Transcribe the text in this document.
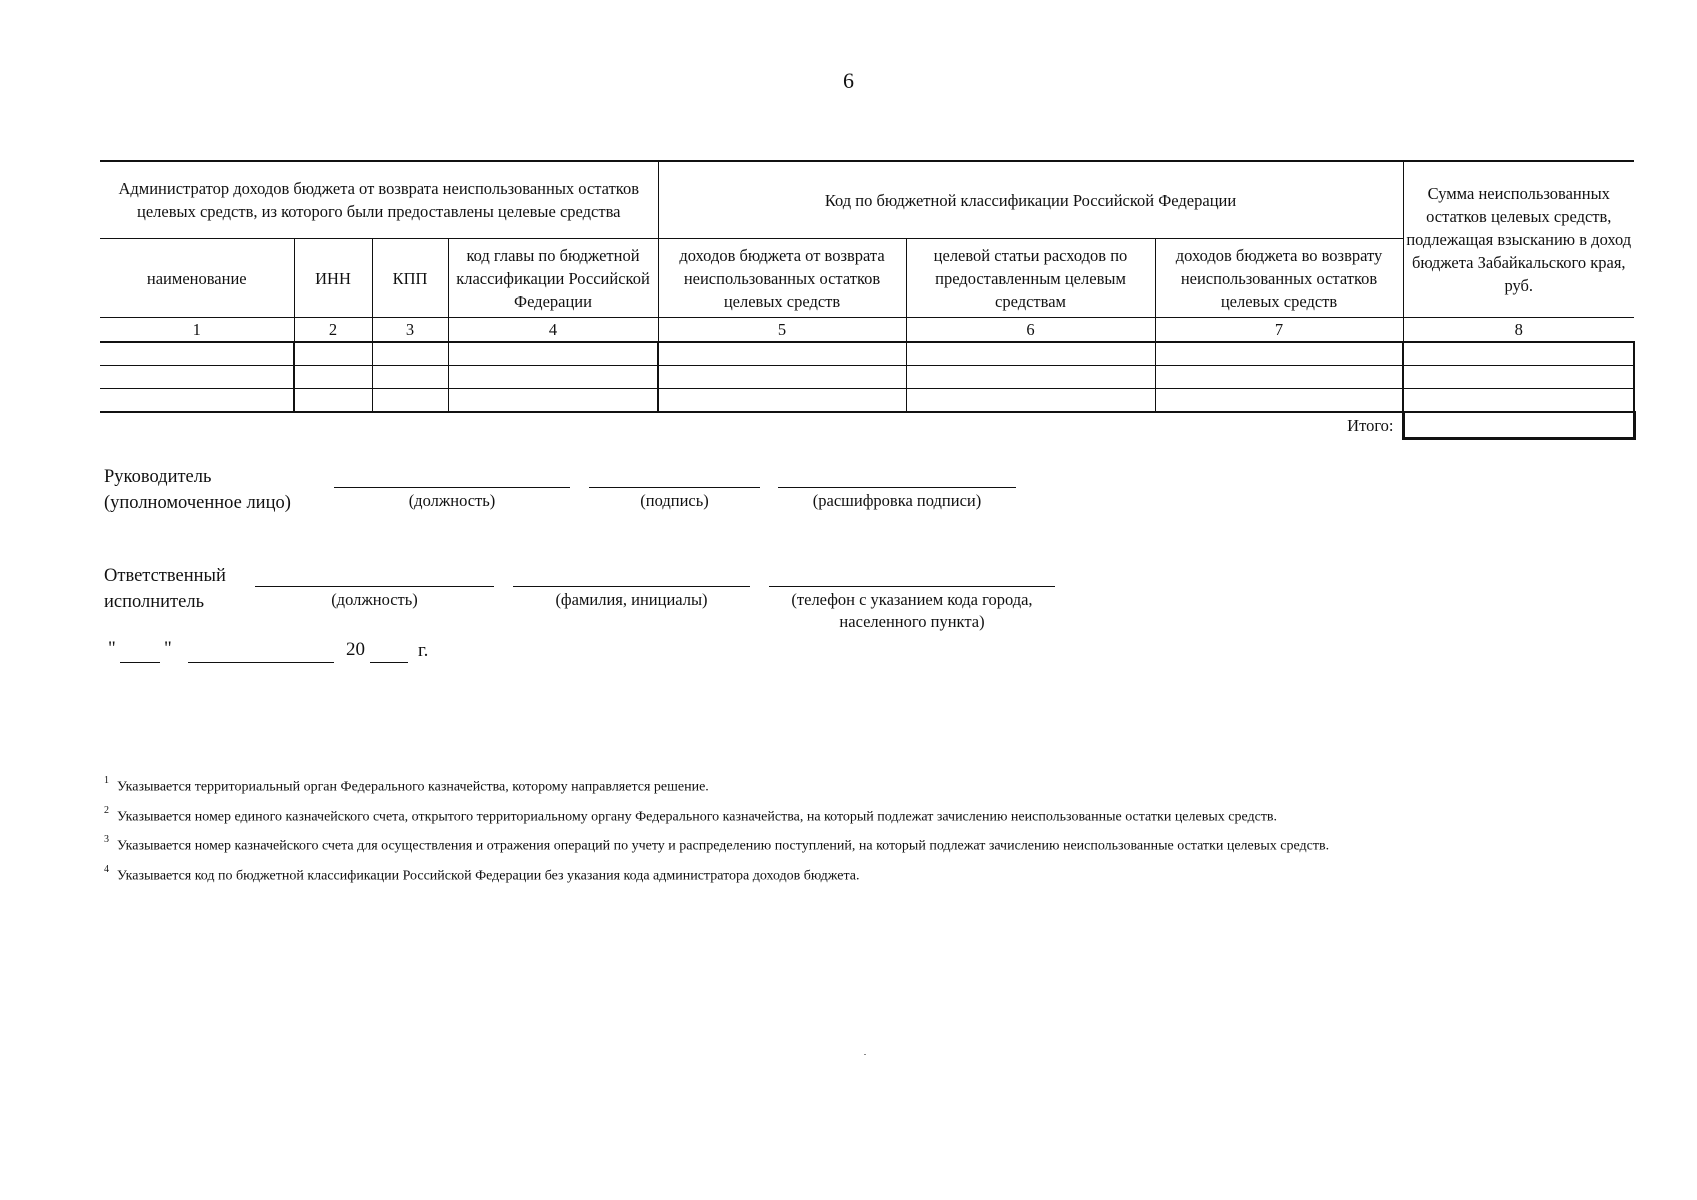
6
Администратор доходов бюджета от возврата неиспользованных остатков целевых средств, из которого были предоставлены целевые средства				Код по бюджетной классификации Российской Федерации			Сумма неиспользованных остатков целевых средств, подлежащая взысканию в доход бюджета Забайкальского края, руб.
наименование	ИНН	КПП	код главы по бюджетной классификации Российской Федерации	доходов бюджета от возврата неиспользованных остатков целевых средств	целевой статьи расходов по предоставленным целевым средствам	доходов бюджета во возврату неиспользованных остатков целевых средств	
1	2	3	4	5	6	7	8

Итого:							
Руководитель
(уполномоченное лицо)	(должность)	(подпись)	(расшифровка подписи)
Ответственный
исполнитель	(должность)	(фамилия, инициалы)	(телефон с указанием кода города, населенного пункта)
"	"	20	г.
$^1$ Указывается территориальный орган Федерального казначейства, которому направляется решение.
$^2$ Указывается номер единого казначейского счета, открытого территориальному органу Федерального казначейства, на который подлежат зачислению неиспользованные остатки целевых средств.
$^3$ Указывается номер казначейского счета для осуществления и отражения операций по учету и распределению поступлений, на который подлежат зачислению неиспользованные остатки целевых средств.
$^4$ Указывается код по бюджетной классификации Российской Федерации без указания кода администратора доходов бюджета.
